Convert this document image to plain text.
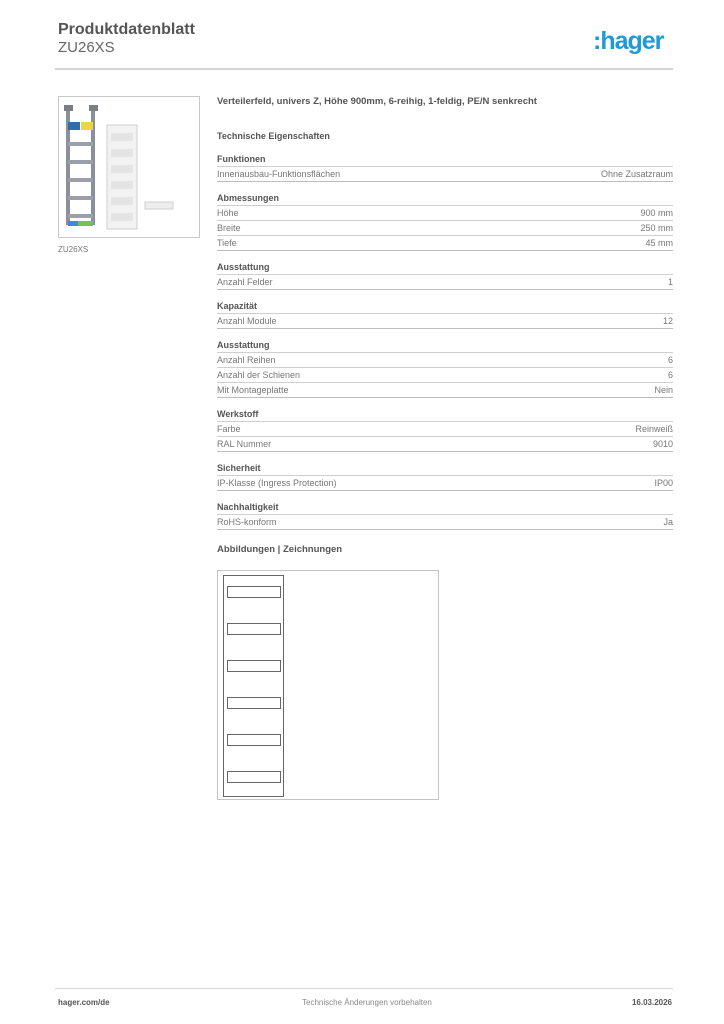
Produktdatenblatt
ZU26XS	:hager
ZU26XS
Verteilerfeld, univers Z, Höhe 900mm, 6-reihig, 1-feldig, PE/N senkrecht
Technische Eigenschaften
Funktionen
Innenausbau-Funktionsflächen	Ohne Zusatzraum
Abmessungen
Höhe	900 mm
Breite	250 mm
Tiefe	45 mm
Ausstattung
Anzahl Felder	1
Kapazität
Anzahl Module	12
Ausstattung
Anzahl Reihen	6
Anzahl der Schienen	6
Mit Montageplatte	Nein
Werkstoff
Farbe	Reinweiß
RAL Nummer	9010
Sicherheit
IP-Klasse (Ingress Protection)	IP00
Nachhaltigkeit
RoHS-konform	Ja
Abbildungen | Zeichnungen
hager.com/de	Technische Änderungen vorbehalten	16.03.2026
